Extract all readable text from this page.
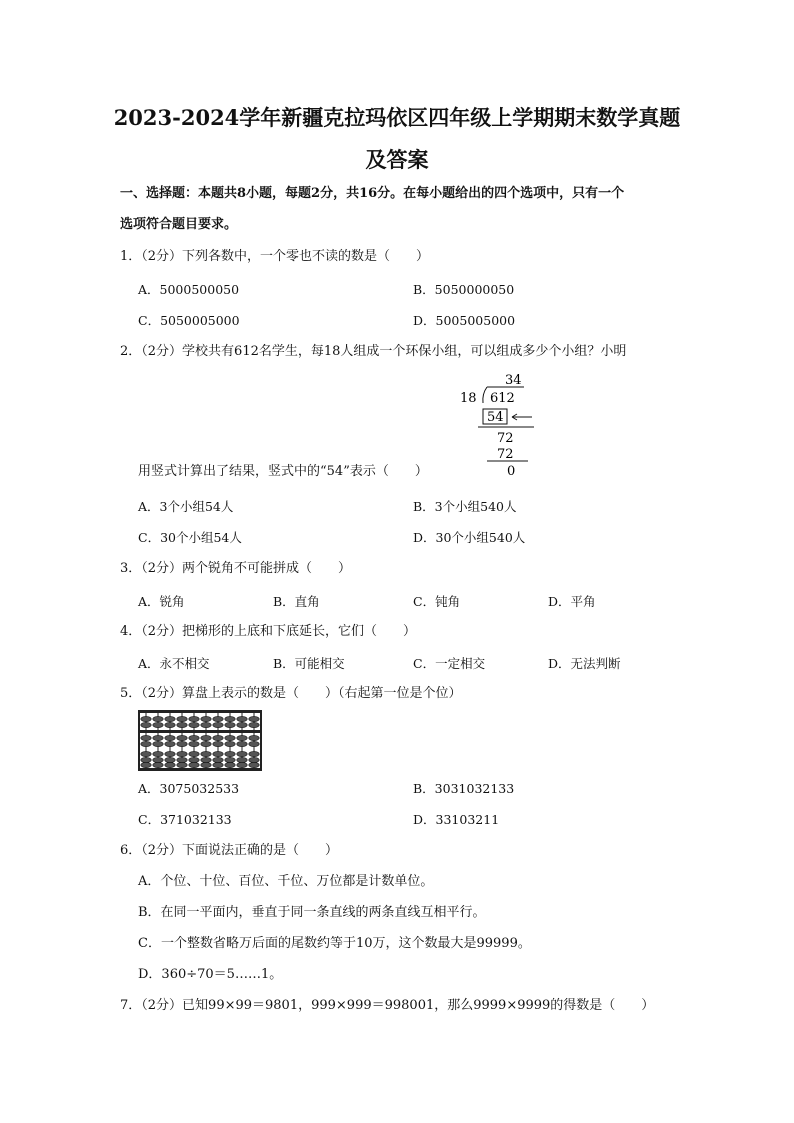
2023-2024学年新疆克拉玛依区四年级上学期期末数学真题
及答案
一、选择题：本题共8小题，每题2分，共16分。在每小题给出的四个选项中，只有一个
选项符合题目要求。
1．（2分）下列各数中，一个零也不读的数是（　　）
A．5000500050	B．5050000050
C．5050005000	D．5005005000
2．（2分）学校共有612名学生，每18人组成一个环保小组，可以组成多少个小组？小明
34
18 612
54
72
72
0
用竖式计算出了结果，竖式中的“54”表示（　　）
A．3个小组54人	B．3个小组540人
C．30个小组54人	D．30个小组540人
3．（2分）两个锐角不可能拼成（　　）
A．锐角	B．直角	C．钝角	D．平角
4．（2分）把梯形的上底和下底延长，它们（　　）
A．永不相交	B．可能相交	C．一定相交	D．无法判断
5．（2分）算盘上表示的数是（　　）（右起第一位是个位）
A．3075032533	B．3031032133
C．371032133	D．33103211
6．（2分）下面说法正确的是（　　）
A．个位、十位、百位、千位、万位都是计数单位。
B．在同一平面内，垂直于同一条直线的两条直线互相平行。
C．一个整数省略万后面的尾数约等于10万，这个数最大是99999。
D．360÷70＝5……1。
7．（2分）已知99×99＝9801，999×999＝998001，那么9999×9999的得数是（　　）
